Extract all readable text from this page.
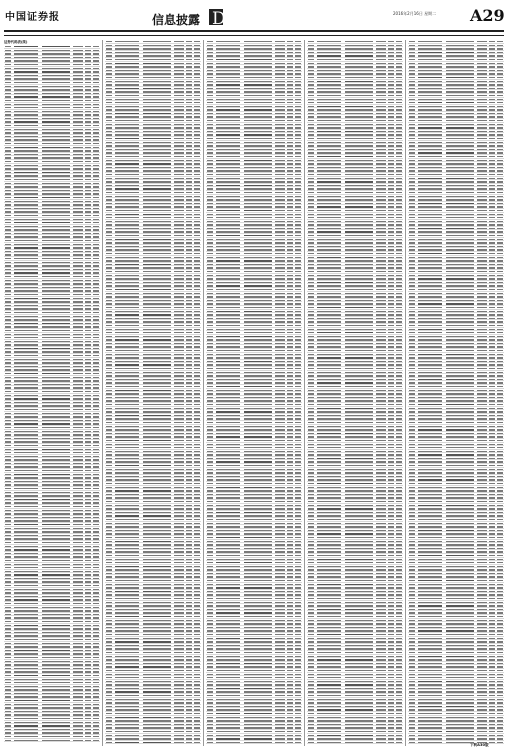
中国证券报	信息披露 Disclosure	2016年2月16日 星期二 A29
证券代码表(续)
下转A30版
